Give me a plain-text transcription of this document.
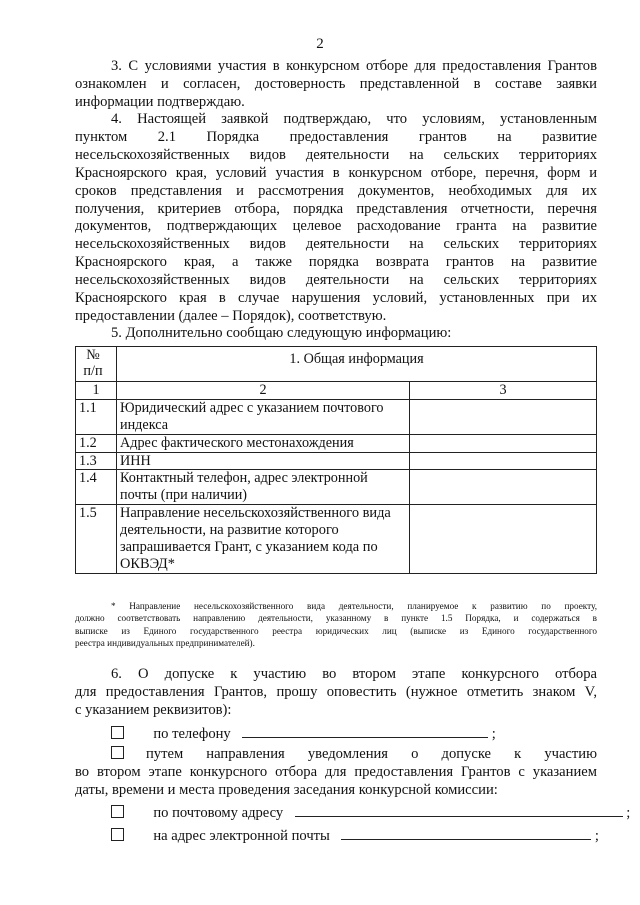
2
3. С условиями участия в конкурсном отборе для предоставления Грантов
ознакомлен и согласен, достоверность представленной в составе заявки
информации подтверждаю.
4. Настоящей заявкой подтверждаю, что условиям, установленным
пунктом 2.1 Порядка предоставления грантов на развитие
несельскохозяйственных видов деятельности на сельских территориях
Красноярского края, условий участия в конкурсном отборе, перечня, форм и
сроков представления и рассмотрения документов, необходимых для их
получения, критериев отбора, порядка представления отчетности, перечня
документов, подтверждающих целевое расходование гранта на развитие
несельскохозяйственных видов деятельности на сельских территориях
Красноярского края, а также порядка возврата грантов на развитие
несельскохозяйственных видов деятельности на сельских территориях
Красноярского края в случае нарушения условий, установленных при их
предоставлении (далее – Порядок), соответствую.
5. Дополнительно сообщаю следующую информацию:
№ п/п	1. Общая информация	
1	2	3
1.1	Юридический адрес с указанием почтового индекса	
1.2	Адрес фактического местонахождения	
1.3	ИНН	
1.4	Контактный телефон, адрес электронной почты (при наличии)	
1.5	Направление несельскохозяйственного вида деятельности, на развитие которого запрашивается Грант, с указанием кода по ОКВЭД*	
* Направление несельскохозяйственного вида деятельности, планируемое к развитию по проекту,
должно соответствовать направлению деятельности, указанному в пункте 1.5 Порядка, и содержаться в
выписке из Единого государственного реестра юридических лиц (выписке из Единого государственного
реестра индивидуальных предпринимателей).
6. О допуске к участию во втором этапе конкурсного отбора
для предоставления Грантов, прошу оповестить (нужное отметить знаком V,
с указанием реквизитов):
по телефону	;
путем направления уведомления о допуске к участию
во втором этапе конкурсного отбора для предоставления Грантов с указанием
даты, времени и места проведения заседания конкурсной комиссии:
по почтовому адресу	;
на адрес электронной почты	;
